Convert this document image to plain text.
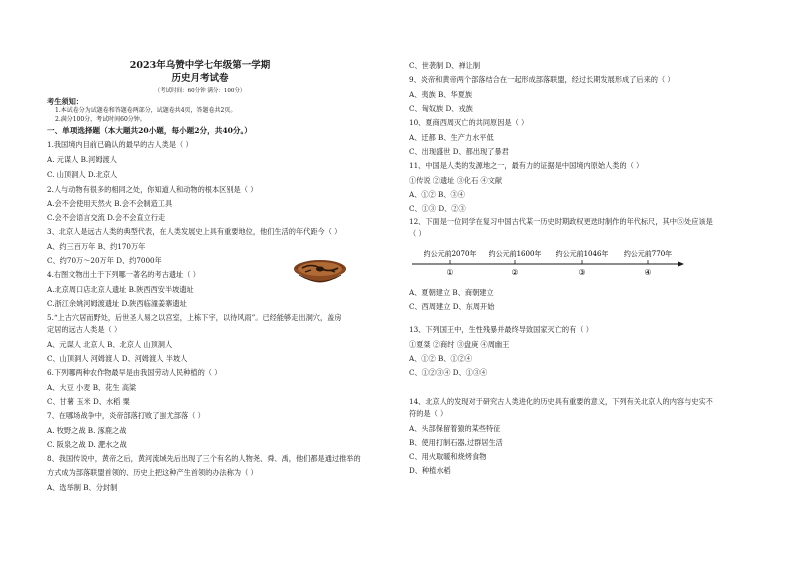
2023年乌赞中学七年级第一学期
历史月考试卷
（考试时间：60分钟 满分：100分）
考生须知：
1.本试卷分为试题卷和答题卷两部分，试题卷共4页，答题卷共2页。
2.满分100分，考试时间60分钟。
一、单项选择题（本大题共20小题，每小题2分，共40分。）
1.我国境内目前已确认的最早的古人类是（ ）
A. 元谋人 B.河姆渡人
C. 山顶洞人 D.北京人
2.人与动物有很多的相同之处，你知道人和动物的根本区别是（ ）
A.会不会使用天然火 B.会不会制造工具
C.会不会语言交流 D.会不会直立行走
3、北京人是远古人类的典型代表，在人类发展史上具有重要地位，他们生活的年代距今（ ）
A、约三百万年 B、约170万年
C、约70万～20万年 D、约7000年
4.右图文物出土于下列哪一著名的考古遗址（ ）
A.北京周口店北京人遗址 B.陕西西安半坡遗址
C.浙江余姚河姆渡遗址 D.陕西临潼姜寨遗址
5.“上古穴居而野处，后世圣人易之以宫室，上栋下宇，以待风雨”。已经能够走出洞穴，盖房
定居的远古人类是（ ）
A、元谋人 北京人 B、北京人 山顶洞人
C、山顶洞人 河姆渡人 D、河姆渡人 半坡人
6.下列哪两种农作物最早是由我国劳动人民种植的（ ）
A、大豆 小麦 B、花生 高粱
C、甘薯 玉米 D、水稻 粟
7、在哪场战争中，炎帝部落打败了蚩尤部落（ ）
A. 牧野之战 B. 涿鹿之战
C. 阪泉之战 D. 淝水之战
8、我国传说中，黄帝之后，黄河流域先后出现了三个有名的人物尧、舜、禹，他们都是通过推举的
方式成为部落联盟首领的、历史上把这种产生首领的办法称为（ ）
A、选举制 B、分封制
C、世袭制 D、禅让制
9、炎帝和黄帝两个部落结合在一起形成部落联盟，经过长期发展形成了后来的（ ）
A、夷族 B、华夏族
C、匈奴族 D、戎族
10、夏商西周灭亡的共同原因是（ ）
A、迁都 B、生产力水平低
C、出现盛世 D、都出现了暴君
11、中国是人类的发源地之一，最有力的证据是中国境内原始人类的（ ）
①传说 ②遗址 ③化石 ④文献
A、①② B、③④
C、①③ D、②③
12、下面是一位同学在复习中国古代某一历史时期政权更迭时制作的年代标尺，其中⑤处应该是
（ ）
A、夏朝建立 B、商朝建立
C、西周建立 D、东周开始
13、下列国王中，生性残暴并最终导致国家灭亡的有（ ）
①夏桀 ②商纣 ③盘庚 ④周幽王
A、①② B、①②④
C、①②③④ D、①③④
14、北京人的发现对于研究古人类进化的历史具有重要的意义，下列有关北京人的内容与史实不
符的是（ ）
A、头部保留着猿的某些特征
B、使用打制石器,过群居生活
C、用火取暖和烧烤食物
D、种植水稻
约公元前2070年 约公元前1600年 约公元前1046年 约公元前770年
①	②	③	④
